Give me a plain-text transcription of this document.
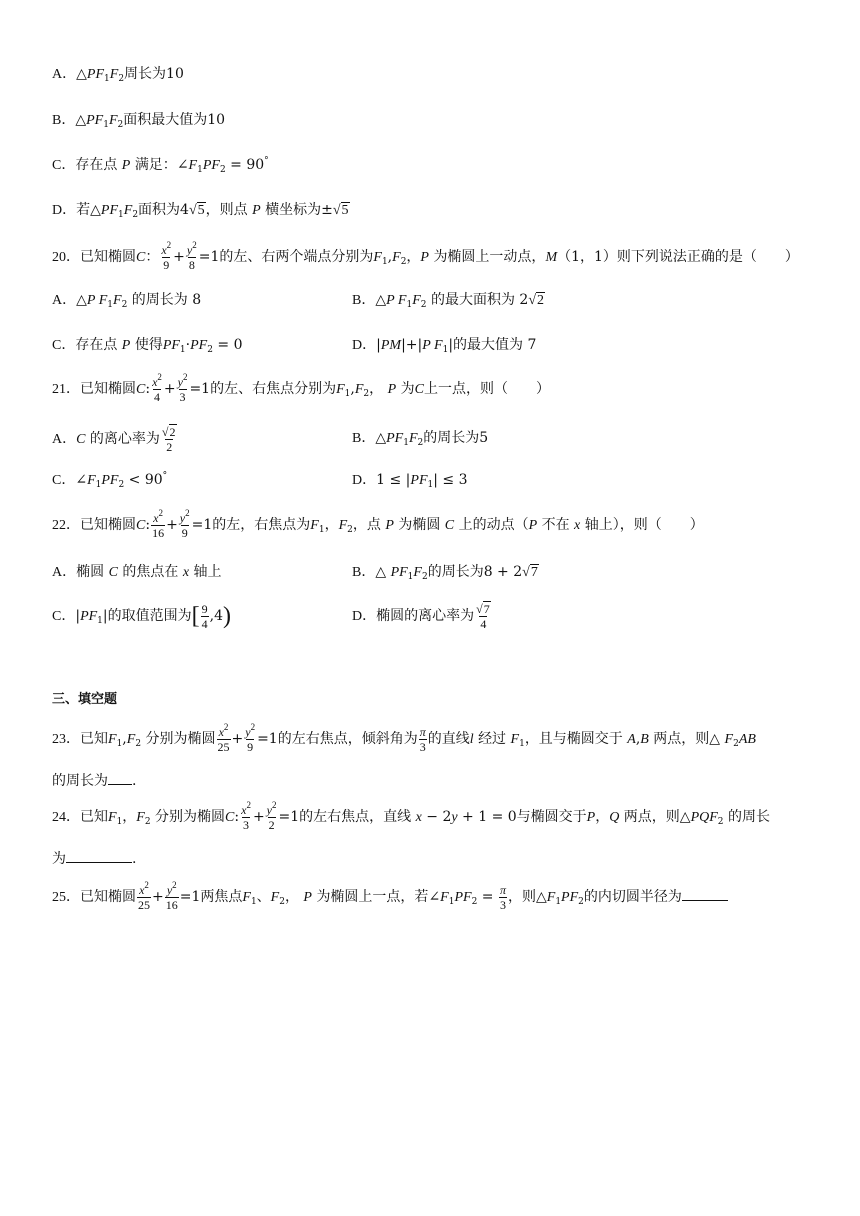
A．$\triangle PF_1F_2$周长为10
B．$\triangle PF_1F_2$面积最大值为10
C．存在点 P 满足：$\angle F_1PF_2 = 90^\circ$
D．若$\triangle PF_1F_2$面积为4√5，则点 P 横坐标为±√5
20．已知椭圆C： $\frac{x^2}{9} + \frac{y^2}{8} =1$的左、右两个端点分别为$F_1,F_2$，P 为椭圆上一动点，M（1，1）则下列说法正确的是（　　）
A．△P $F_1F_2$ 的周长为 8	B．△P $F_1F_2$ 的最大面积为 2√2
C．存在点 P 使得$PF_1\cdot PF_2 = 0$	D．|PM|+|P $F_1|$的最大值为 7
21．已知椭圆C: $\frac{x^2}{4} + \frac{y^2}{3} =1$的左、右焦点分别为$F_1,F_2$， P 为C上一点，则（　　）
A．C 的离心率为 $\frac{√2}{2}$	B．$\triangle PF_1F_2$的周长为5
C．$\angle F_1PF_2 < 90^\circ$	D．$1 \le |PF_1| \le 3$
22．已知椭圆C: $\frac{x^2}{16} + \frac{y^2}{9} =1$的左，右焦点为$F_1$，$F_2$，点 P 为椭圆 C 上的动点（P 不在 x 轴上），则（　　）
A．椭圆 C 的焦点在 x 轴上	B．△ $PF_1F_2$的周长为8 + 2√7
C．$|PF_1|$的取值范围为[ $\frac{9}{4} ,4$)	D．椭圆的离心率为 $\frac{√7}{4}$
三、填空题
23．已知$F_1,F_2$ 分别为椭圆 $\frac{x^2}{25} + \frac{y^2}{9} =1$的左右焦点，倾斜角为 $\frac{\pi}{3}$ 的直线l 经过 $F_1$，且与椭圆交于 A,B 两点，则△ $F_2AB$
的周长为 .
24．已知$F_1$，$F_2$ 分别为椭圆C: $\frac{x^2}{3} + \frac{y^2}{2} =1$的左右焦点，直线 x − 2y + 1 = 0与椭圆交于P，Q 两点，则$\triangle PQF_2$ 的周长
为	.
25．已知椭圆 $\frac{x^2}{25} + \frac{y^2}{16} =1$两焦点$F_1$、$F_2$， P 为椭圆上一点，若$\angle F_1PF_2 = \frac{\pi}{3}$ ，则$\triangle F_1PF_2$的内切圆半径为
